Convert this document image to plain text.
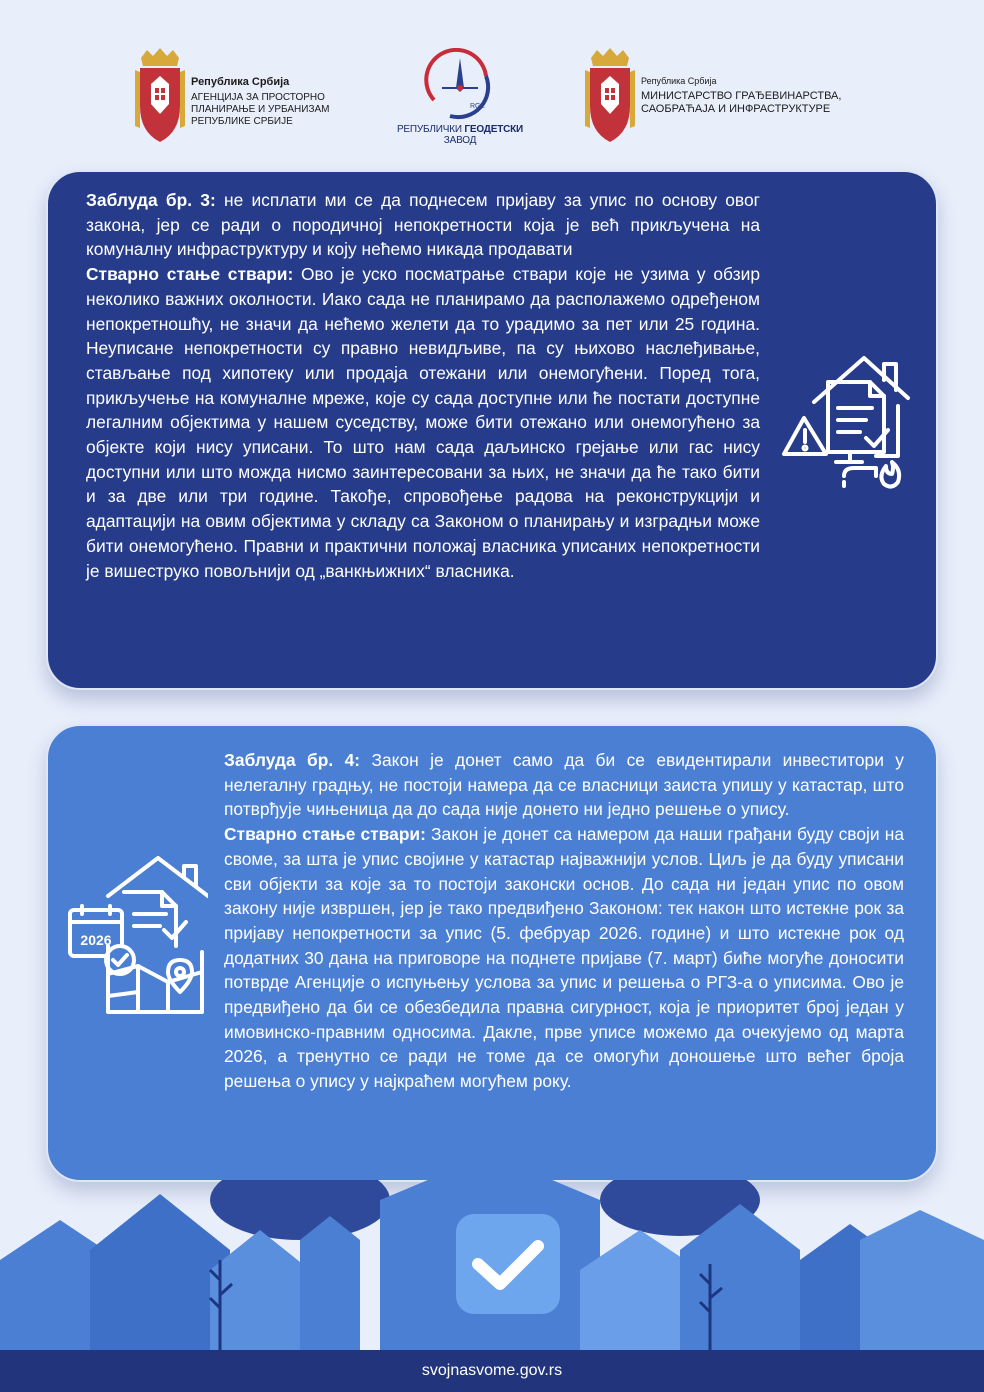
Република Србија
АГЕНЦИЈА ЗА ПРОСТОРНО
ПЛАНИРАЊЕ И УРБАНИЗАМ
РЕПУБЛИКЕ СРБИЈЕ
RGZ
РЕПУБЛИЧКИ ГЕОДЕТСКИ ЗАВОД
Република Србија
МИНИСТАРСТВО ГРАЂЕВИНАРСТВА,
САОБРАЋАЈА И ИНФРАСТРУКТУРЕ

Заблуда бр. 3: не исплати ми се да поднесем пријаву за упис по основу овог закона, јер се ради о породичној непокретности која је већ прикључена на комуналну инфраструктуру и коју нећемо никада продавати

Стварно стање ствари: Ово је уско посматрање ствари које не узима у обзир неколико важних околности. Иако сада не планирамо да располажемо одређеном непокретношћу, не значи да нећемо желети да то урадимо за пет или 25 година. Неуписане непокретности су правно невидљиве, па су њихово наслеђивање, стављање под хипотеку или продаја отежани или онемогућени. Поред тога, прикључење на комуналне мреже, које су сада доступне или ће постати доступне легалним објектима у нашем суседству, може бити отежано или онемогућено за објекте који нису уписани. То што нам сада даљинско грејање или гас нису доступни или што можда нисмо заинтересовани за њих, не значи да ће тако бити и за две или три године. Такође, спровођење радова на реконструкцији и адаптацији на овим објектима у складу са Законом о планирању и изградњи може бити онемогућено. Правни и практични положај власника уписаних непокретности је вишеструко повољнији од „ванкњижних“ власника.

2026

Заблуда бр. 4: Закон је донет само да би се евидентирали инвеститори у нелегалну градњу, не постоји намера да се власници заиста упишу у катастар, што потврђује чињеница да до сада није донето ни једно решење о упису.

Стварно стање ствари: Закон је донет са намером да наши грађани буду своји на своме, за шта је упис својине у катастар најважнији услов. Циљ је да буду уписани сви објекти за које за то постоји законски основ. До сада ни један упис по овом закону није извршен, јер је тако предвиђено Законом: тек након што истекне рок за пријаву непокретности за упис (5. фебруар 2026. године) и што истекне рок од додатних 30 дана на приговоре на поднете пријаве (7. март) биће могуће доносити потврде Агенције о испуњењу услова за упис и решења о РГЗ-а о уписима. Ово је предвиђено да би се обезбедила правна сигурност, која је приоритет број један у имовинско-правним односима. Дакле, прве уписе можемо да очекујемо од марта 2026, а тренутно се ради не томе да се омогући доношење што већег броја решења о упису у најкраћем могућем року.

svojnasvome.gov.rs
